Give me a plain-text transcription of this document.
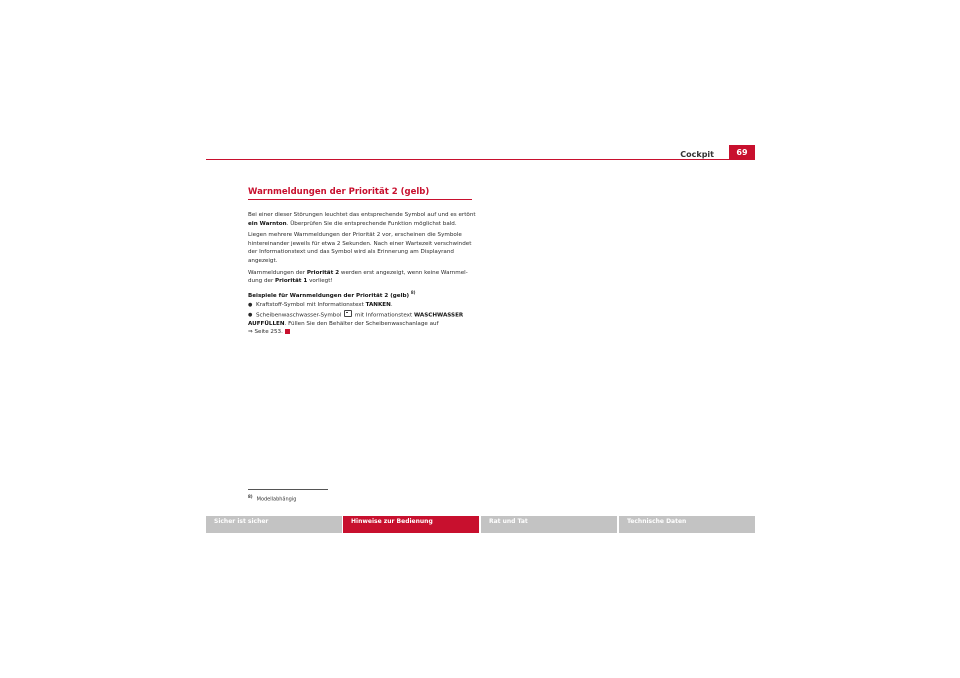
Cockpit	69
Warnmeldungen der Priorität 2 (gelb)

Bei einer dieser Störungen leuchtet das entsprechende Symbol auf und es ertönt ein Warnton. Überprüfen Sie die entsprechende Funktion möglichst bald.

Liegen mehrere Warnmeldungen der Priorität 2 vor, erscheinen die Symbole hintereinander jeweils für etwa 2 Sekunden. Nach einer Wartezeit verschwindet der Informationstext und das Symbol wird als Erinnerung am Displayrand angezeigt.

Warnmeldungen der Priorität 2 werden erst angezeigt, wenn keine Warnmel-dung der Priorität 1 vorliegt!

Beispiele für Warnmeldungen der Priorität 2 (gelb) $^{8)}$
● Kraftstoff-Symbol mit Informationstext TANKEN.
● Scheibenwaschwasser-Symbol  mit Informationstext WASCHWASSER AUFFÜLLEN. Füllen Sie den Behälter der Scheibenwaschanlage auf
⇒ Seite 253.
$^{8)}$Modellabhängig
Sicher ist sicher	Hinweise zur Bedienung	Rat und Tat	Technische Daten
